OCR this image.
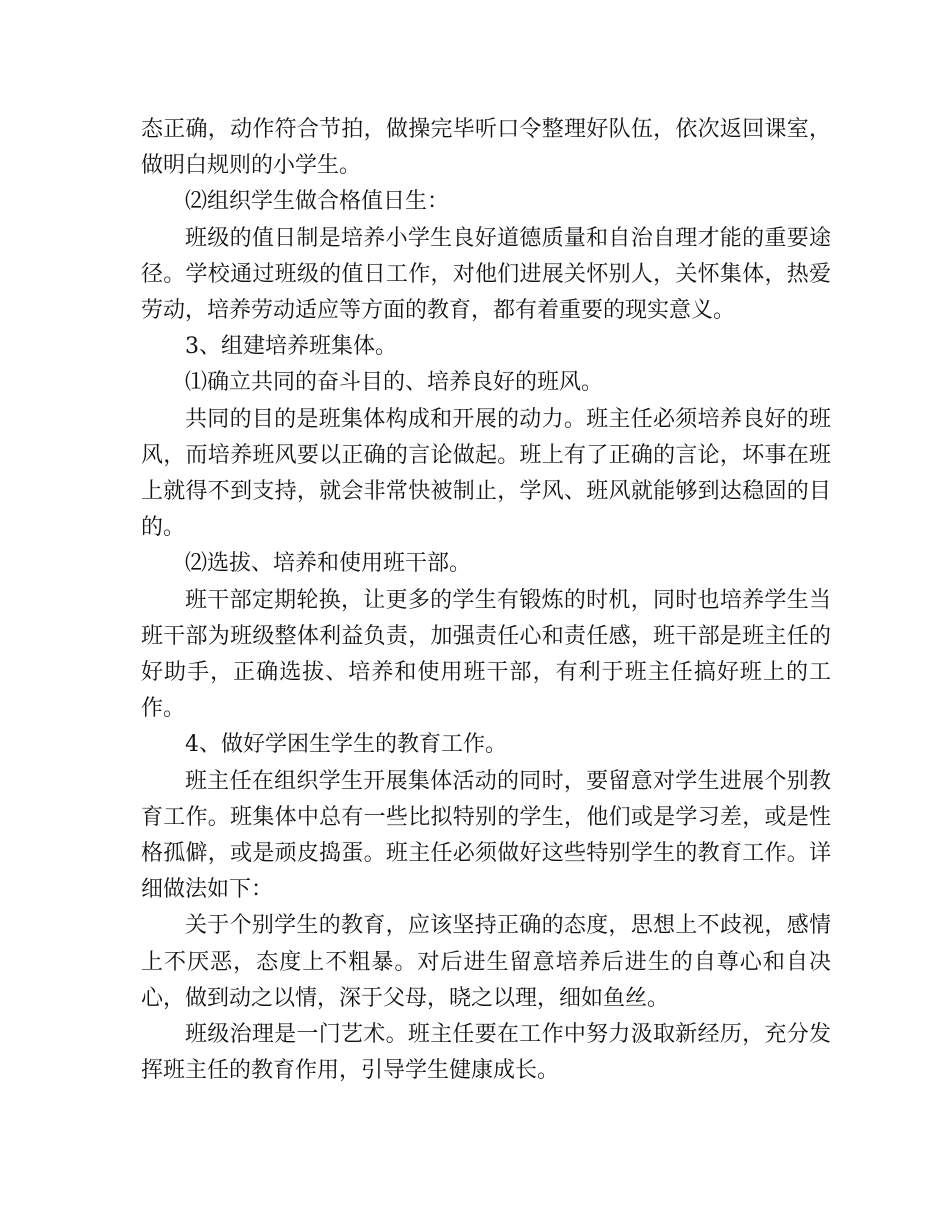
态正确，动作符合节拍，做操完毕听口令整理好队伍，依次返回课室，做明白规则的小学生。

⑵组织学生做合格值日生：

班级的值日制是培养小学生良好道德质量和自治自理才能的重要途径。学校通过班级的值日工作，对他们进展关怀别人，关怀集体，热爱劳动，培养劳动适应等方面的教育，都有着重要的现实意义。

3、组建培养班集体。

⑴确立共同的奋斗目的、培养良好的班风。

共同的目的是班集体构成和开展的动力。班主任必须培养良好的班风，而培养班风要以正确的言论做起。班上有了正确的言论，坏事在班上就得不到支持，就会非常快被制止，学风、班风就能够到达稳固的目的。

⑵选拔、培养和使用班干部。

班干部定期轮换，让更多的学生有锻炼的时机，同时也培养学生当班干部为班级整体利益负责，加强责任心和责任感，班干部是班主任的好助手，正确选拔、培养和使用班干部，有利于班主任搞好班上的工作。

4、做好学困生学生的教育工作。

班主任在组织学生开展集体活动的同时，要留意对学生进展个别教育工作。班集体中总有一些比拟特别的学生，他们或是学习差，或是性格孤僻，或是顽皮捣蛋。班主任必须做好这些特别学生的教育工作。详细做法如下：

关于个别学生的教育，应该坚持正确的态度，思想上不歧视，感情上不厌恶，态度上不粗暴。对后进生留意培养后进生的自尊心和自决心，做到动之以情，深于父母，晓之以理，细如鱼丝。

班级治理是一门艺术。班主任要在工作中努力汲取新经历，充分发挥班主任的教育作用，引导学生健康成长。
